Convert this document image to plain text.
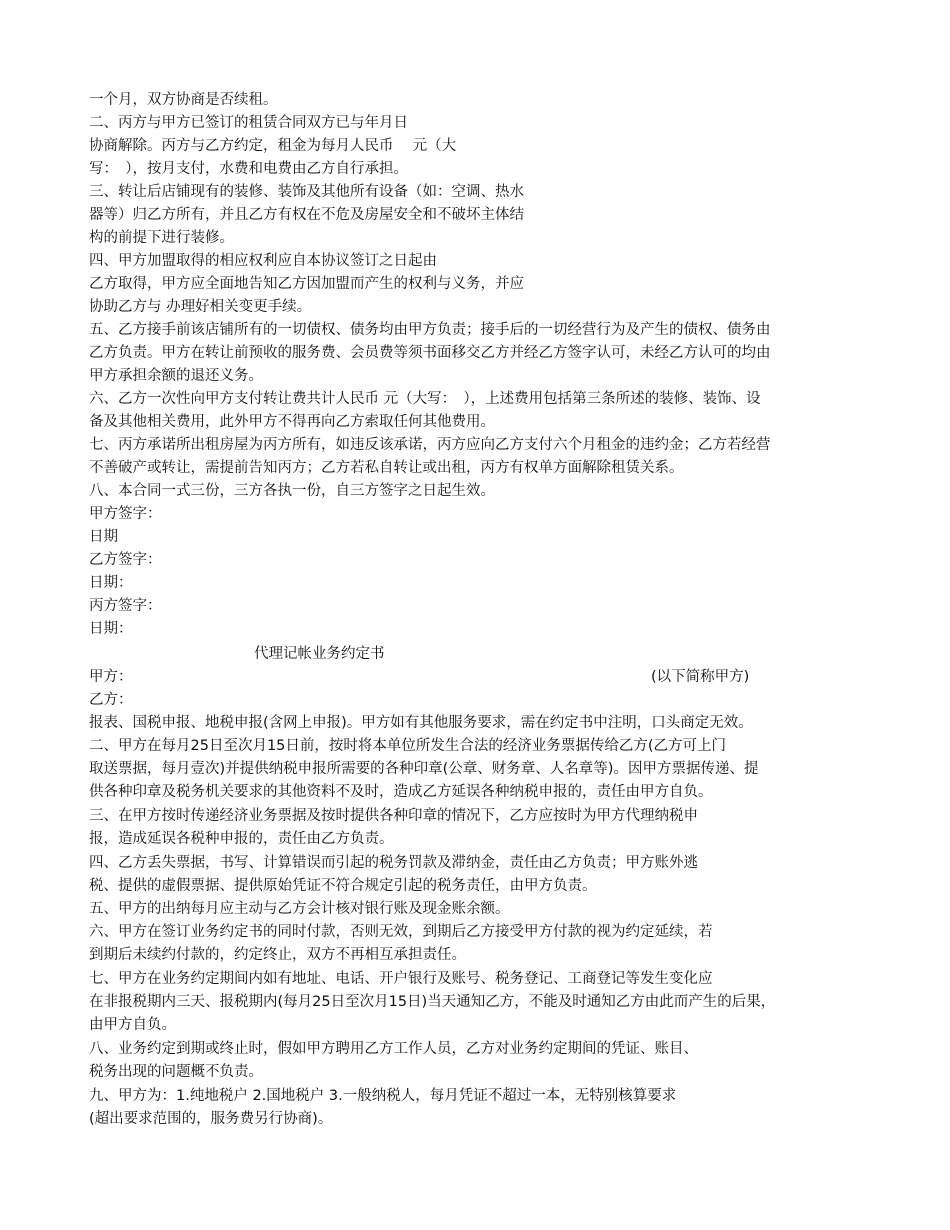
一个月，双方协商是否续租。
二、丙方与甲方已签订的租赁合同双方已与年月日
协商解除。丙方与乙方约定，租金为每月人民币　 元（大
写：　），按月支付，水费和电费由乙方自行承担。
三、转让后店铺现有的装修、装饰及其他所有设备（如：空调、热水
器等）归乙方所有，并且乙方有权在不危及房屋安全和不破坏主体结
构的前提下进行装修。
四、甲方加盟取得的相应权利应自本协议签订之日起由
乙方取得，甲方应全面地告知乙方因加盟而产生的权利与义务，并应
协助乙方与 办理好相关变更手续。
五、乙方接手前该店铺所有的一切债权、债务均由甲方负责；接手后的一切经营行为及产生的债权、债务由
乙方负责。甲方在转让前预收的服务费、会员费等须书面移交乙方并经乙方签字认可，未经乙方认可的均由
甲方承担余额的退还义务。
六、乙方一次性向甲方支付转让费共计人民币 元（大写：　），上述费用包括第三条所述的装修、装饰、设
备及其他相关费用，此外甲方不得再向乙方索取任何其他费用。
七、丙方承诺所出租房屋为丙方所有，如违反该承诺，丙方应向乙方支付六个月租金的违约金；乙方若经营
不善破产或转让，需提前告知丙方；乙方若私自转让或出租，丙方有权单方面解除租赁关系。
八、本合同一式三份，三方各执一份，自三方签字之日起生效。
甲方签字：
日期
乙方签字：
日期：
丙方签字：
日期：
代理记帐业务约定书
甲方：	(以下简称甲方)
乙方：
报表、国税申报、地税申报(含网上申报)。甲方如有其他服务要求，需在约定书中注明，口头商定无效。
二、甲方在每月25日至次月15日前，按时将本单位所发生合法的经济业务票据传给乙方(乙方可上门
取送票据，每月壹次)并提供纳税申报所需要的各种印章(公章、财务章、人名章等)。因甲方票据传递、提
供各种印章及税务机关要求的其他资料不及时，造成乙方延误各种纳税申报的，责任由甲方自负。
三、在甲方按时传递经济业务票据及按时提供各种印章的情况下，乙方应按时为甲方代理纳税申
报，造成延误各税种申报的，责任由乙方负责。
四、乙方丢失票据，书写、计算错误而引起的税务罚款及滞纳金，责任由乙方负责；甲方账外逃
税、提供的虚假票据、提供原始凭证不符合规定引起的税务责任，由甲方负责。
五、甲方的出纳每月应主动与乙方会计核对银行账及现金账余额。
六、甲方在签订业务约定书的同时付款，否则无效，到期后乙方接受甲方付款的视为约定延续，若
到期后未续约付款的，约定终止，双方不再相互承担责任。
七、甲方在业务约定期间内如有地址、电话、开户银行及账号、税务登记、工商登记等发生变化应
在非报税期内三天、报税期内(每月25日至次月15日)当天通知乙方，不能及时通知乙方由此而产生的后果，
由甲方自负。
八、业务约定到期或终止时，假如甲方聘用乙方工作人员，乙方对业务约定期间的凭证、账目、
税务出现的问题概不负责。
九、甲方为：1.纯地税户 2.国地税户 3.一般纳税人，每月凭证不超过一本，无特别核算要求
(超出要求范围的，服务费另行协商)。
